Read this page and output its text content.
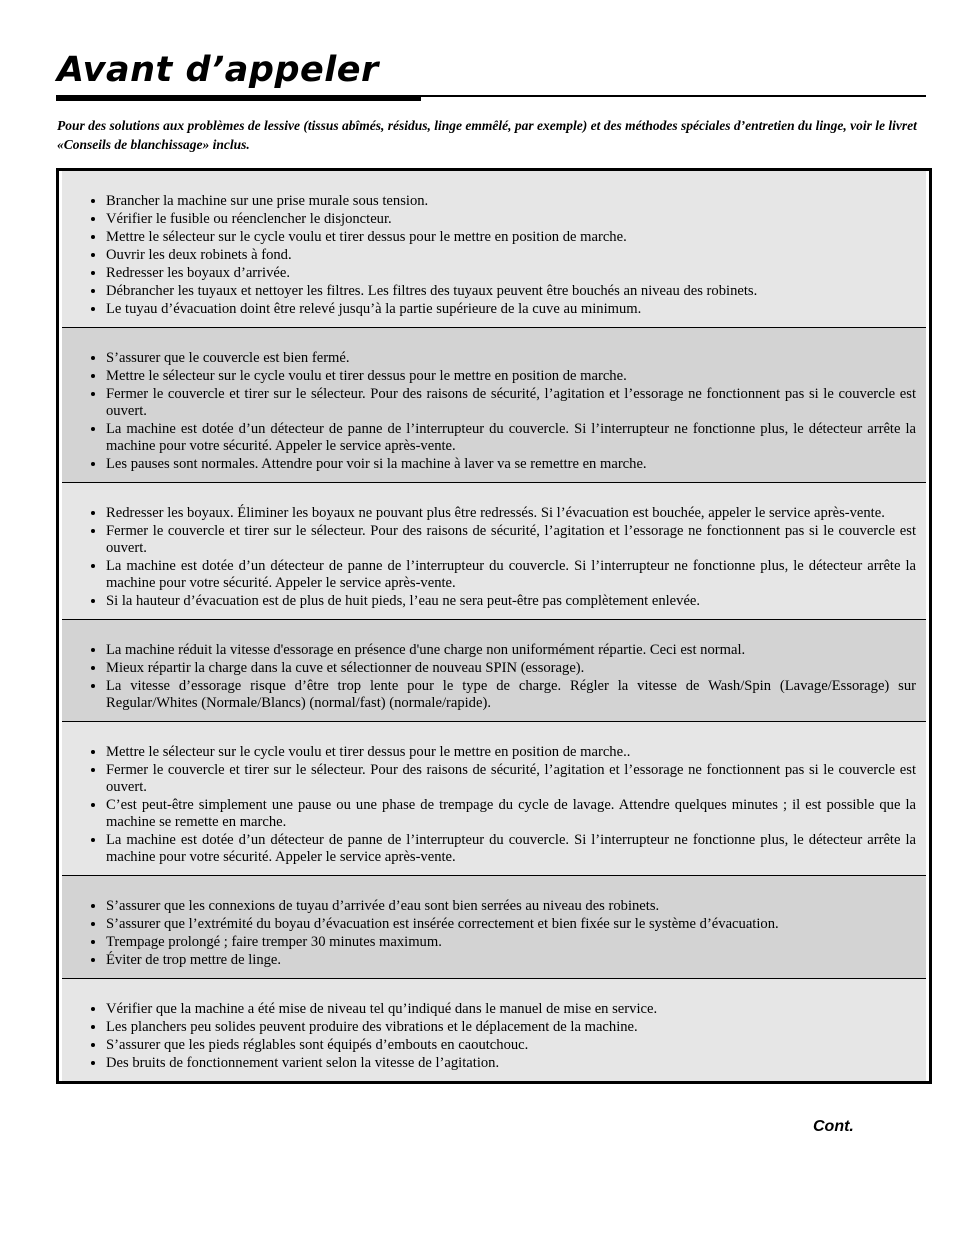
Avant d’appeler
Pour des solutions aux problèmes de lessive (tissus abîmés, résidus, linge emmêlé, par exemple) et des méthodes spéciales d’entretien du linge, voir le livret «Conseils de blanchissage» inclus.
• Brancher la machine sur une prise murale sous tension.
• Vérifier le fusible ou réenclencher le disjoncteur.
• Mettre le sélecteur sur le cycle voulu et tirer dessus pour le mettre en position de marche.
• Ouvrir les deux robinets à fond.
• Redresser les boyaux d’arrivée.
• Débrancher les tuyaux et nettoyer les filtres. Les filtres des tuyaux peuvent être bouchés an niveau des robinets.
• Le tuyau d’évacuation doint être relevé jusqu’à la partie supérieure de la cuve au minimum.
• S’assurer que le couvercle est bien fermé.
• Mettre le sélecteur sur le cycle voulu et tirer dessus pour le mettre en position de marche.
• Fermer le couvercle et tirer sur le sélecteur. Pour des raisons de sécurité, l’agitation et l’essorage ne fonctionnent pas si le couvercle est ouvert.
• La machine est dotée d’un détecteur de panne de l’interrupteur du couvercle. Si l’interrupteur ne fonctionne plus, le détecteur arrête la machine pour votre sécurité. Appeler le service après-vente.
• Les pauses sont normales. Attendre pour voir si la machine à laver va se remettre en marche.
• Redresser les boyaux. Éliminer les boyaux ne pouvant plus être redressés. Si l’évacuation est bouchée, appeler le service après-vente.
• Fermer le couvercle et tirer sur le sélecteur. Pour des raisons de sécurité, l’agitation et l’essorage ne fonctionnent pas si le couvercle est ouvert.
• La machine est dotée d’un détecteur de panne de l’interrupteur du couvercle. Si l’interrupteur ne fonctionne plus, le détecteur arrête la machine pour votre sécurité. Appeler le service après-vente.
• Si la hauteur d’évacuation est de plus de huit pieds, l’eau ne sera peut-être pas complètement enlevée.
• La machine réduit la vitesse d'essorage en présence d'une charge non uniformément répartie. Ceci est normal.
• Mieux répartir la charge dans la cuve et sélectionner de nouveau SPIN (essorage).
• La vitesse d’essorage risque d’être trop lente pour le type de charge. Régler la vitesse de Wash/Spin (Lavage/Essorage) sur Regular/Whites (Normale/Blancs) (normal/fast) (normale/rapide).
• Mettre le sélecteur sur le cycle voulu et tirer dessus pour le mettre en position de marche..
• Fermer le couvercle et tirer sur le sélecteur. Pour des raisons de sécurité, l’agitation et l’essorage ne fonctionnent pas si le couvercle est ouvert.
• C’est peut-être simplement une pause ou une phase de trempage du cycle de lavage. Attendre quelques minutes ; il est possible que la machine se remette en marche.
• La machine est dotée d’un détecteur de panne de l’interrupteur du couvercle. Si l’interrupteur ne fonctionne plus, le détecteur arrête la machine pour votre sécurité. Appeler le service après-vente.
• S’assurer que les connexions de tuyau d’arrivée d’eau sont bien serrées au niveau des robinets.
• S’assurer que l’extrémité du boyau d’évacuation est insérée correctement et bien fixée sur le système d’évacuation.
• Trempage prolongé ; faire tremper 30 minutes maximum.
• Éviter de trop mettre de linge.
• Vérifier que la machine a été mise de niveau tel qu’indiqué dans le manuel de mise en service.
• Les planchers peu solides peuvent produire des vibrations et le déplacement de la machine.
• S’assurer que les pieds réglables sont équipés d’embouts en caoutchouc.
• Des bruits de fonctionnement varient selon la vitesse de l’agitation.
Cont.
